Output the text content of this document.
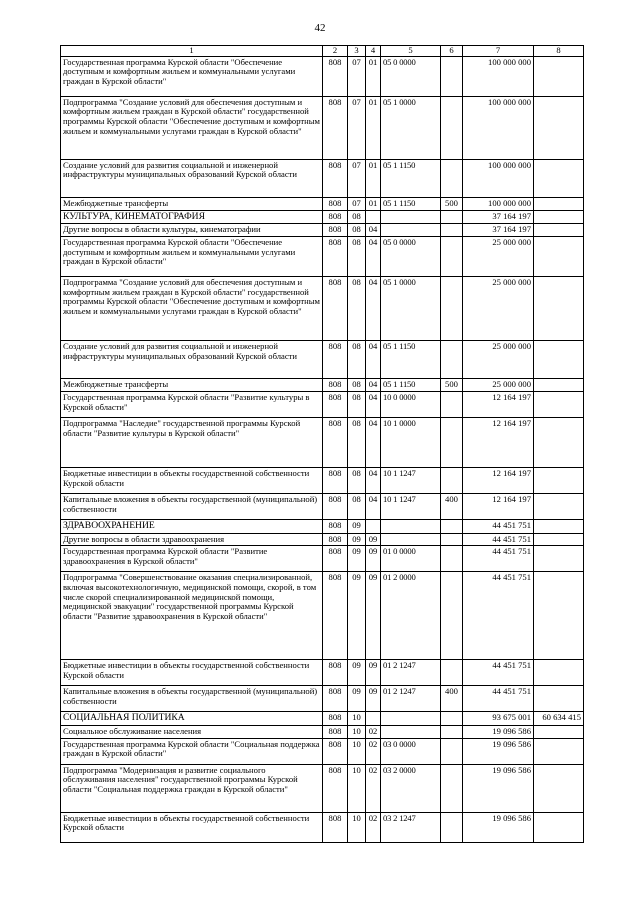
42
1	2	3	4	5	6	7	8
Государственная программа Курской области "Обеспечение доступным и комфортным жильем и коммунальными услугами граждан в Курской области"	808	07	01	05 0 0000		100 000 000	
Подпрограмма "Создание условий для обеспечения доступным и комфортным жильем граждан в Курской области" государственной программы Курской области "Обеспечение доступным и комфортным жильем и коммунальными услугами граждан в Курской области"	808	07	01	05 1 0000		100 000 000	
Создание условий для развития социальной и инженерной инфраструктуры муниципальных образований Курской области	808	07	01	05 1 1150		100 000 000	
Межбюджетные трансферты	808	07	01	05 1 1150	500	100 000 000	
КУЛЬТУРА, КИНЕМАТОГРАФИЯ	808	08				37 164 197	
Другие вопросы в области культуры, кинематографии	808	08	04			37 164 197	
Государственная программа Курской области "Обеспечение доступным и комфортным жильем и коммунальными услугами граждан в Курской области"	808	08	04	05 0 0000		25 000 000	
Подпрограмма "Создание условий для обеспечения доступным и комфортным жильем граждан в Курской области" государственной программы Курской области "Обеспечение доступным и комфортным жильем и коммунальными услугами граждан в Курской области"	808	08	04	05 1 0000		25 000 000	
Создание условий для развития социальной и инженерной инфраструктуры муниципальных образований Курской области	808	08	04	05 1 1150		25 000 000	
Межбюджетные трансферты	808	08	04	05 1 1150	500	25 000 000	
Государственная программа Курской области "Развитие культуры в Курской области"	808	08	04	10 0 0000		12 164 197	
Подпрограмма "Наследие" государственной программы Курской области "Развитие культуры в Курской области"	808	08	04	10 1 0000		12 164 197	
Бюджетные инвестиции в объекты государственной собственности Курской области	808	08	04	10 1 1247		12 164 197	
Капитальные вложения в объекты государственной (муниципальной) собственности	808	08	04	10 1 1247	400	12 164 197	
ЗДРАВООХРАНЕНИЕ	808	09				44 451 751	
Другие вопросы в области здравоохранения	808	09	09			44 451 751	
Государственная программа Курской области "Развитие здравоохранения в Курской области"	808	09	09	01 0 0000		44 451 751	
Подпрограмма "Совершенствование оказания специализированной, включая высокотехнологичную, медицинской помощи, скорой, в том числе скорой специализированной медицинской помощи, медицинской эвакуации" государственной программы Курской области "Развитие здравоохранения в Курской области"	808	09	09	01 2 0000		44 451 751	
Бюджетные инвестиции в объекты государственной собственности Курской области	808	09	09	01 2 1247		44 451 751	
Капитальные вложения в объекты государственной (муниципальной) собственности	808	09	09	01 2 1247	400	44 451 751	
СОЦИАЛЬНАЯ ПОЛИТИКА	808	10				93 675 001	60 634 415
Социальное обслуживание населения	808	10	02			19 096 586	
Государственная программа Курской области "Социальная поддержка граждан в Курской области"	808	10	02	03 0 0000		19 096 586	
Подпрограмма "Модернизация и развитие социального обслуживания населения" государственной программы Курской области "Социальная поддержка граждан в Курской области"	808	10	02	03 2 0000		19 096 586	
Бюджетные инвестиции в объекты государственной собственности Курской области	808	10	02	03 2 1247		19 096 586	
